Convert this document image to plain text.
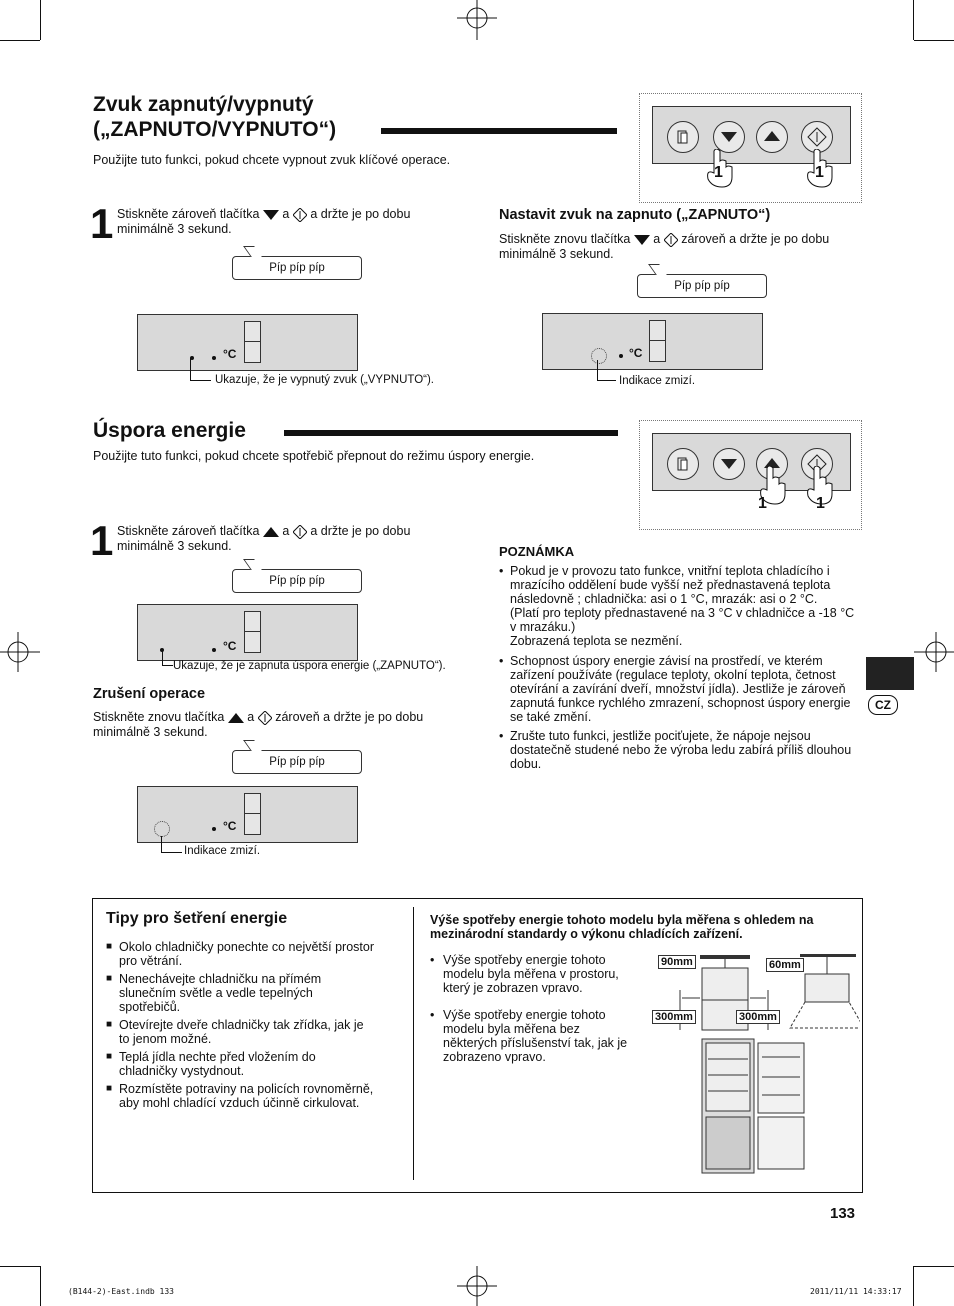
Zvuk zapnutý/vypnutý
(„ZAPNUTO/VYPNUTO“)
Použijte tuto funkci, pokud chcete vypnout zvuk klíčové operace.
1	1
1 Stiskněte zároveň tlačítka a a držte je po dobu
minimálně 3 sekund.
Píp píp píp
°C
Ukazuje, že je vypnutý zvuk („VYPNUTO“).
Nastavit zvuk na zapnuto („ZAPNUTO“)
Stiskněte znovu tlačítka a zároveň a držte je po dobu
minimálně 3 sekund.
Píp píp píp
°C
Indikace zmizí.
Úspora energie
Použijte tuto funkci, pokud chcete spotřebič přepnout do režimu úspory energie.
1	1
1 Stiskněte zároveň tlačítka a a držte je po dobu
minimálně 3 sekund.
Píp píp píp
°C
Ukazuje, že je zapnuta úspora energie („ZAPNUTO“).
Zrušení operace
Stiskněte znovu tlačítka a zároveň a držte je po dobu
minimálně 3 sekund.
Píp píp píp
°C
Indikace zmizí.
POZNÁMKA
• Pokud je v provozu tato funkce, vnitřní teplota chladícího i
mrazícího oddělení bude vyšší než přednastavená teplota
následovně ; chladnička: asi o 1 °C, mrazák: asi o 2 °C.
(Platí pro teploty přednastavené na 3 °C v chladničce a -18 °C
v mrazáku.)
Zobrazená teplota se nezmění.
• Schopnost úspory energie závisí na prostředí, ve kterém
zařízení používáte (regulace teploty, okolní teplota, četnost
otevírání a zavírání dveří, množství jídla). Jestliže je zároveň
zapnutá funkce rychlého zmrazení, schopnost úspory energie
se také změní.
• Zrušte tuto funkci, jestliže pociťujete, že nápoje nejsou
dostatečně studené nebo že výroba ledu zabírá příliš dlouhou
dobu.
CZ
Tipy pro šetření energie
■ Okolo chladničky ponechte co největší prostor
pro větrání.
■ Nenechávejte chladničku na přímém
slunečním světle a vedle tepelných
spotřebičů.
■ Otevírejte dveře chladničky tak zřídka, jak je
to jenom možné.
■ Teplá jídla nechte před vložením do
chladničky vystydnout.
■ Rozmístěte potraviny na policích rovnoměrně,
aby mohl chladící vzduch účinně cirkulovat.
Výše spotřeby energie tohoto modelu byla měřena s ohledem na
mezinárodní standardy o výkonu chladících zařízení.
• Výše spotřeby energie tohoto
modelu byla měřena v prostoru,
který je zobrazen vpravo.
• Výše spotřeby energie tohoto
modelu byla měřena bez
některých příslušenství tak, jak je
zobrazeno vpravo.
90mm	60mm
300mm	300mm
133
(B144-2)-East.indb 133	2011/11/11 14:33:17
